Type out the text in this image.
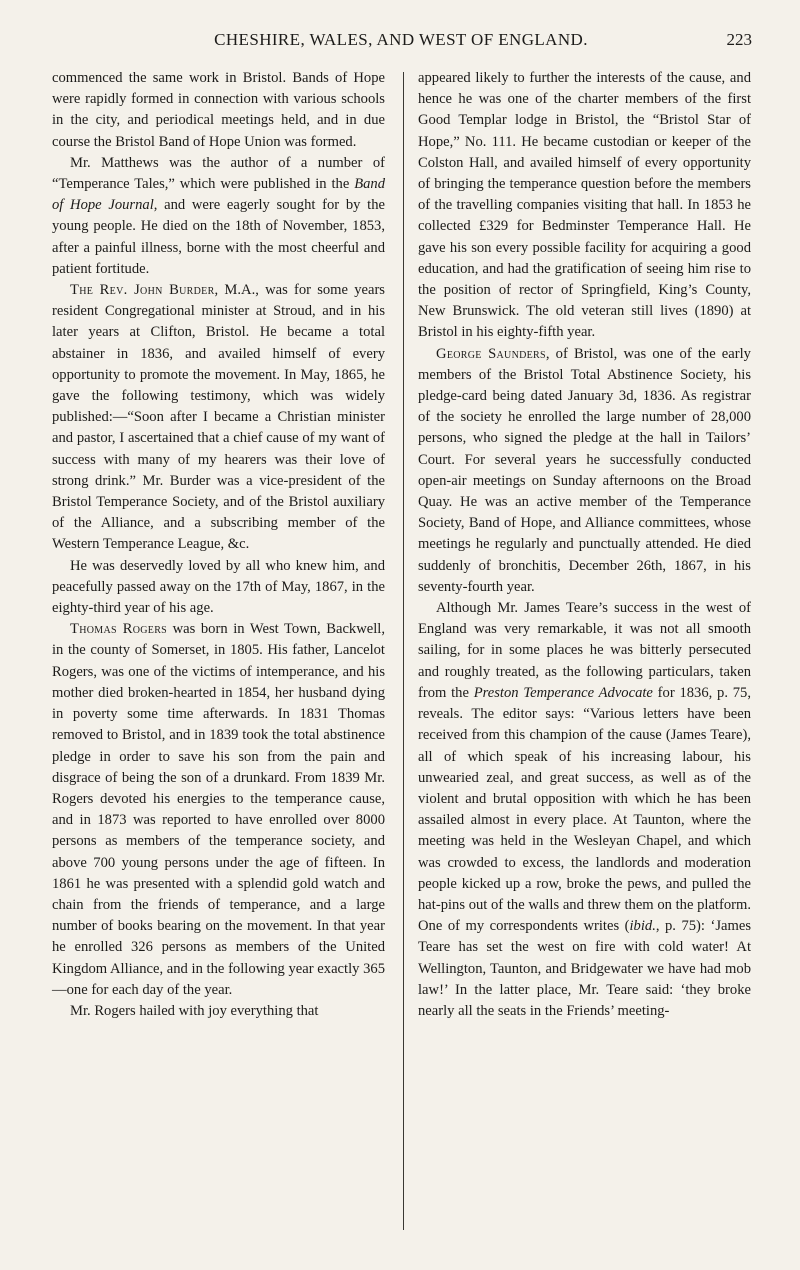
CHESHIRE, WALES, AND WEST OF ENGLAND.	223

commenced the same work in Bristol. Bands of Hope were rapidly formed in connection with various schools in the city, and periodical meetings held, and in due course the Bristol Band of Hope Union was formed.

Mr. Matthews was the author of a number of “Temperance Tales,” which were published in the Band of Hope Journal, and were eagerly sought for by the young people. He died on the 18th of November, 1853, after a painful illness, borne with the most cheerful and patient fortitude.

The Rev. John Burder, M.A., was for some years resident Congregational minister at Stroud, and in his later years at Clifton, Bristol. He became a total abstainer in 1836, and availed himself of every opportunity to promote the movement. In May, 1865, he gave the following testimony, which was widely published:—“Soon after I became a Christian minister and pastor, I ascertained that a chief cause of my want of success with many of my hearers was their love of strong drink.” Mr. Burder was a vice-president of the Bristol Temperance Society, and of the Bristol auxiliary of the Alliance, and a subscribing member of the Western Temperance League, &c.

He was deservedly loved by all who knew him, and peacefully passed away on the 17th of May, 1867, in the eighty-third year of his age.

Thomas Rogers was born in West Town, Backwell, in the county of Somerset, in 1805. His father, Lancelot Rogers, was one of the victims of intemperance, and his mother died broken-hearted in 1854, her husband dying in poverty some time afterwards. In 1831 Thomas removed to Bristol, and in 1839 took the total abstinence pledge in order to save his son from the pain and disgrace of being the son of a drunkard. From 1839 Mr. Rogers devoted his energies to the temperance cause, and in 1873 was reported to have enrolled over 8000 persons as members of the temperance society, and above 700 young persons under the age of fifteen. In 1861 he was presented with a splendid gold watch and chain from the friends of temperance, and a large number of books bearing on the movement. In that year he enrolled 326 persons as members of the United Kingdom Alliance, and in the following year exactly 365 —one for each day of the year.

Mr. Rogers hailed with joy everything that

appeared likely to further the interests of the cause, and hence he was one of the charter members of the first Good Templar lodge in Bristol, the “Bristol Star of Hope,” No. 111. He became custodian or keeper of the Colston Hall, and availed himself of every opportunity of bringing the temperance question before the members of the travelling companies visiting that hall. In 1853 he collected £329 for Bedminster Temperance Hall. He gave his son every possible facility for acquiring a good education, and had the gratification of seeing him rise to the position of rector of Springfield, King’s County, New Brunswick. The old veteran still lives (1890) at Bristol in his eighty-fifth year.

George Saunders, of Bristol, was one of the early members of the Bristol Total Abstinence Society, his pledge-card being dated January 3d, 1836. As registrar of the society he enrolled the large number of 28,000 persons, who signed the pledge at the hall in Tailors’ Court. For several years he successfully conducted open-air meetings on Sunday afternoons on the Broad Quay. He was an active member of the Temperance Society, Band of Hope, and Alliance committees, whose meetings he regularly and punctually attended. He died suddenly of bronchitis, December 26th, 1867, in his seventy-fourth year.

Although Mr. James Teare’s success in the west of England was very remarkable, it was not all smooth sailing, for in some places he was bitterly persecuted and roughly treated, as the following particulars, taken from the Preston Temperance Advocate for 1836, p. 75, reveals. The editor says: “Various letters have been received from this champion of the cause (James Teare), all of which speak of his increasing labour, his unwearied zeal, and great success, as well as of the violent and brutal opposition with which he has been assailed almost in every place. At Taunton, where the meeting was held in the Wesleyan Chapel, and which was crowded to excess, the landlords and moderation people kicked up a row, broke the pews, and pulled the hat-pins out of the walls and threw them on the platform. One of my correspondents writes (ibid., p. 75): ‘James Teare has set the west on fire with cold water! At Wellington, Taunton, and Bridgewater we have had mob law!’ In the latter place, Mr. Teare said: ‘they broke nearly all the seats in the Friends’ meeting-
